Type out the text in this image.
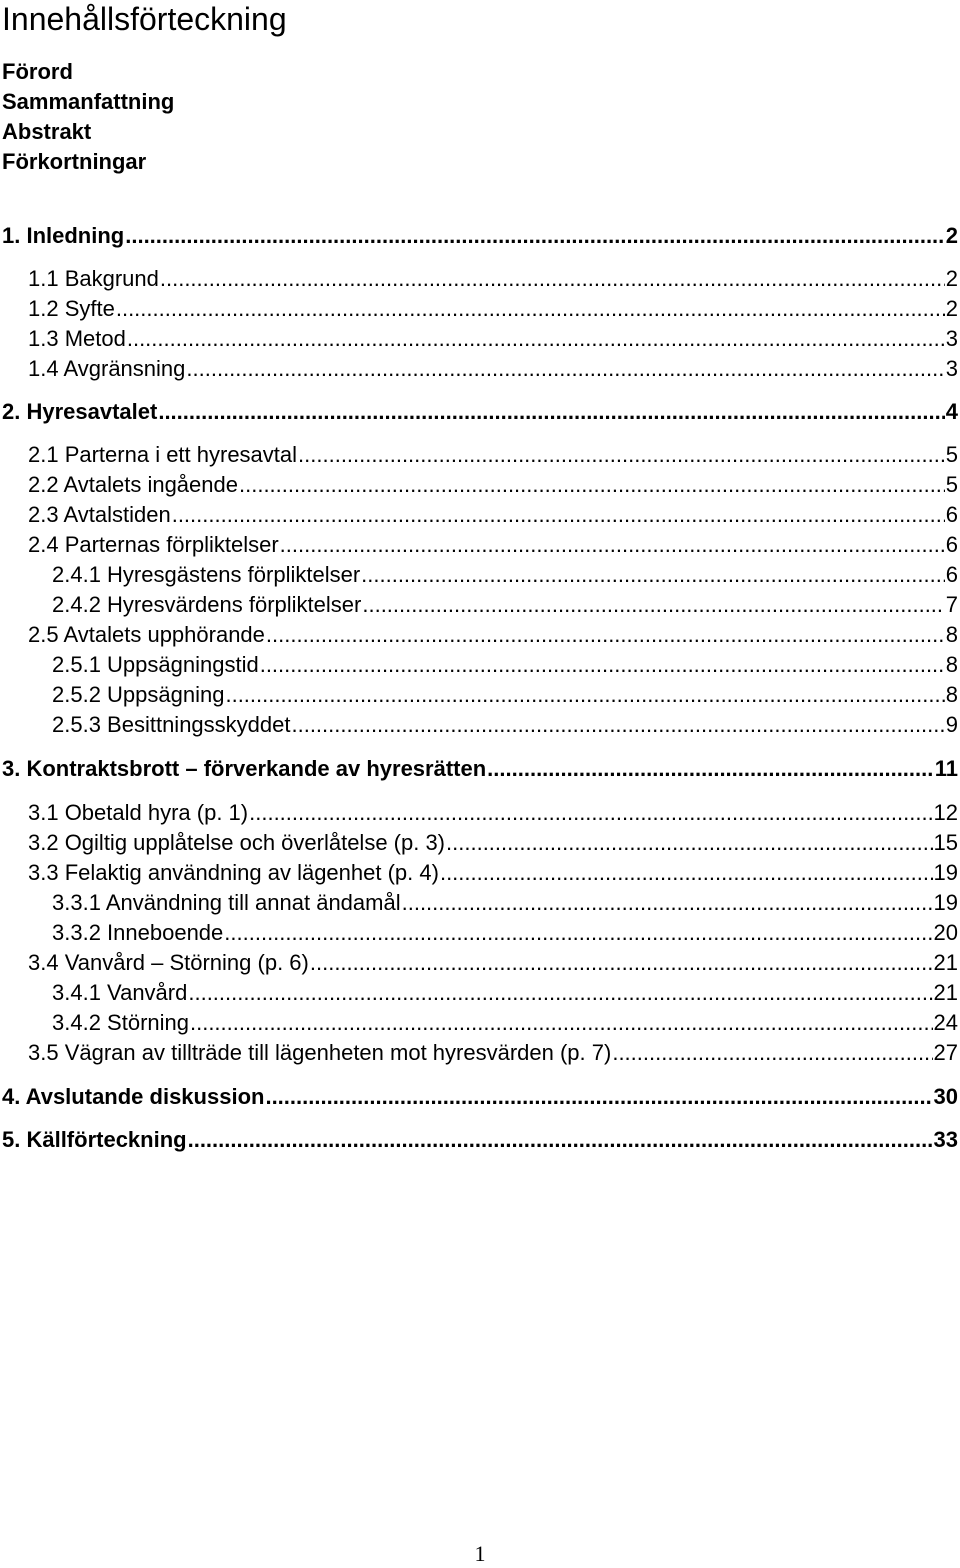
Innehållsförteckning
Förord
Sammanfattning
Abstrakt
Förkortningar
1. Inledning .....	2
1.1 Bakgrund .....	2
1.2 Syfte .....	2
1.3 Metod .....	3
1.4 Avgränsning .....	3
2. Hyresavtalet .....	4
2.1 Parterna i ett hyresavtal .....	5
2.2 Avtalets ingående .....	5
2.3 Avtalstiden .....	6
2.4 Parternas förpliktelser .....	6
2.4.1 Hyresgästens förpliktelser .....	6
2.4.2 Hyresvärdens förpliktelser .....	7
2.5 Avtalets upphörande .....	8
2.5.1 Uppsägningstid .....	8
2.5.2 Uppsägning .....	8
2.5.3 Besittningsskyddet .....	9
3. Kontraktsbrott – förverkande av hyresrätten .....	11
3.1 Obetald hyra (p. 1) .....	12
3.2 Ogiltig upplåtelse och överlåtelse (p. 3) .....	15
3.3 Felaktig användning av lägenhet (p. 4) .....	19
3.3.1 Användning till annat ändamål .....	19
3.3.2 Inneboende .....	20
3.4 Vanvård – Störning (p. 6) .....	21
3.4.1 Vanvård .....	21
3.4.2 Störning .....	24
3.5 Vägran av tillträde till lägenheten mot hyresvärden (p. 7) .....	27
4. Avslutande diskussion .....	30
5. Källförteckning .....	33
1
